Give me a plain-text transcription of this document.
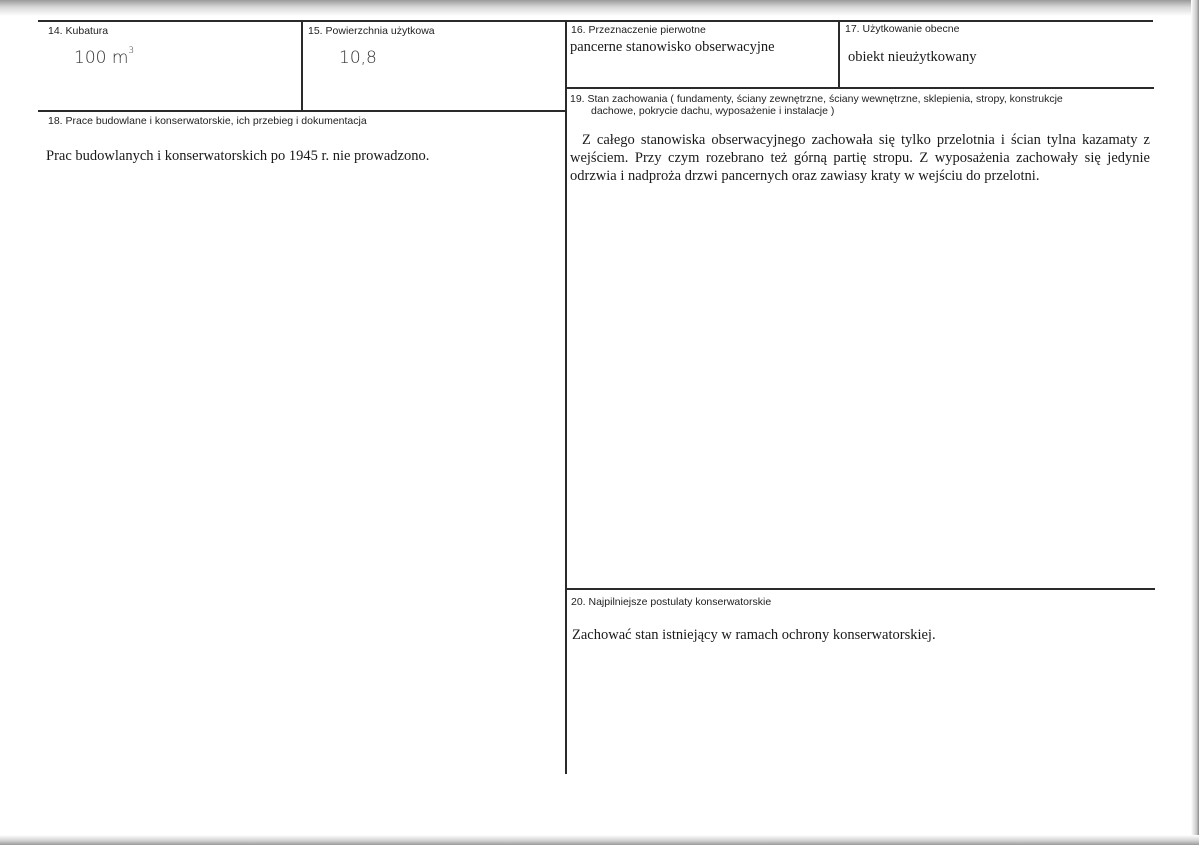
14. Kubatura
100 $m^3$
15. Powierzchnia użytkowa
10,8
16. Przeznaczenie pierwotne
pancerne stanowisko obserwacyjne
17. Użytkowanie obecne
obiekt nieużytkowany
18. Prace budowlane i konserwatorskie, ich przebieg i dokumentacja
Prac budowlanych i konserwatorskich po 1945 r. nie prowadzono.
19. Stan zachowania ( fundamenty, ściany zewnętrzne, ściany wewnętrzne, sklepienia, stropy, konstrukcje
dachowe, pokrycie dachu, wyposażenie i instalacje )
Z całego stanowiska obserwacyjnego zachowała się tylko przelotnia i ścian tylna kazamaty z wejściem. Przy czym rozebrano też górną partię stropu. Z wyposażenia zachowały się jedynie odrzwia i nadproża drzwi pancernych oraz zawiasy kraty w wejściu do przelotni.
20. Najpilniejsze postulaty konserwatorskie
Zachować stan istniejący w ramach ochrony konserwatorskiej.
